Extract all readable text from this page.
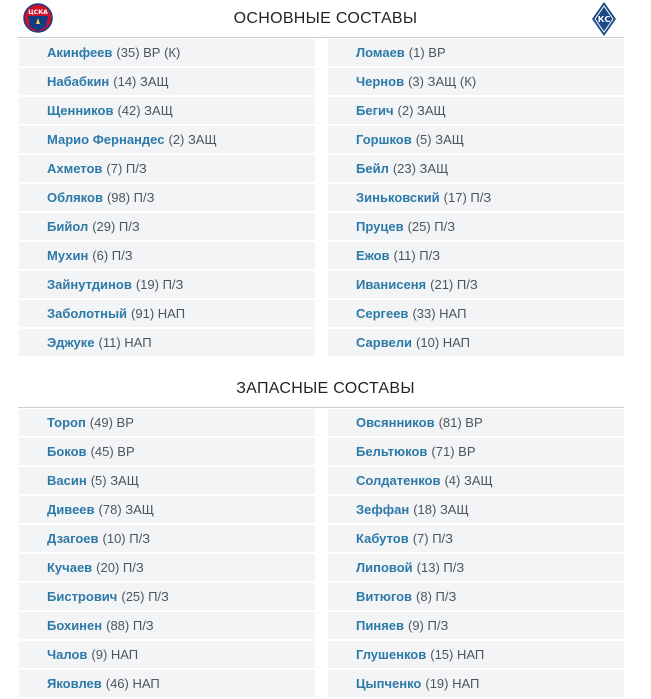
ЦСКА	ОСНОВНЫЕ СОСТАВЫ	КС
Акинфеев (35) ВР (К)
Набабкин (14) ЗАЩ
Щенников (42) ЗАЩ
Марио Фернандес (2) ЗАЩ
Ахметов (7) П/З
Обляков (98) П/З
Бийол (29) П/З
Мухин (6) П/З
Зайнутдинов (19) П/З
Заболотный (91) НАП
Эджуке (11) НАП
Ломаев (1) ВР
Чернов (3) ЗАЩ (К)
Бегич (2) ЗАЩ
Горшков (5) ЗАЩ
Бейл (23) ЗАЩ
Зиньковский (17) П/З
Пруцев (25) П/З
Ежов (11) П/З
Иванисеня (21) П/З
Сергеев (33) НАП
Сарвели (10) НАП
ЗАПАСНЫЕ СОСТАВЫ
Тороп (49) ВР
Боков (45) ВР
Васин (5) ЗАЩ
Дивеев (78) ЗАЩ
Дзагоев (10) П/З
Кучаев (20) П/З
Бистрович (25) П/З
Бохинен (88) П/З
Чалов (9) НАП
Яковлев (46) НАП
Овсянников (81) ВР
Бельтюков (71) ВР
Солдатенков (4) ЗАЩ
Зеффан (18) ЗАЩ
Кабутов (7) П/З
Липовой (13) П/З
Витюгов (8) П/З
Пиняев (9) П/З
Глушенков (15) НАП
Цыпченко (19) НАП
